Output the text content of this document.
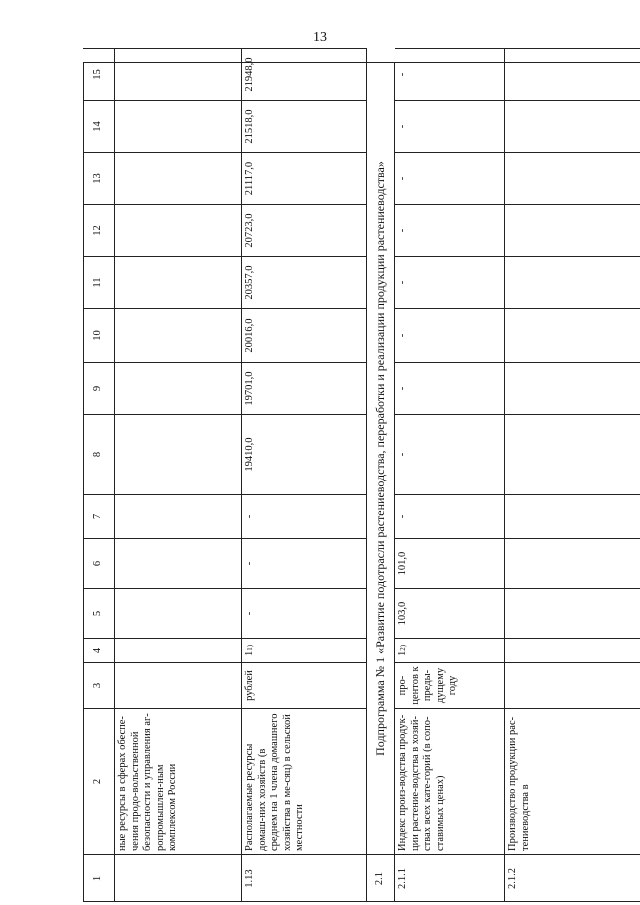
13
1
2
3
4
5
6
7
8
9
10
11
12
13
14
15
ные ресурсы в сферах обеспе-чения продо-вольственной безопасности и управления аг-ропромышлен-ным комплексом России
1.13
Располагаемые ресурсы домаш-них хозяйств (в среднем на 1 члена домашнего хозяйства в ме-сяц) в сельской местности
рублей
1
1)
-
-
-
19410,0
19701,0
20016,0
20357,0
20723,0
21117,0
21518,0
21948,0
2.1
Подпрограмма № 1 «Развитие подотрасли растениеводства, переработки и реализации продукции растениеводства»
2.1.1
Индекс произ-водства продук-ции растение-водства в хозяй-ствах всех кате-горий (в сопо-ставимых ценах)
про-центов к преды-дущему году
1
2)
103,0
101,0
-
-
-
-
-
-
-
-
-
2.1.2
Производство продукции рас-тениеводства в
